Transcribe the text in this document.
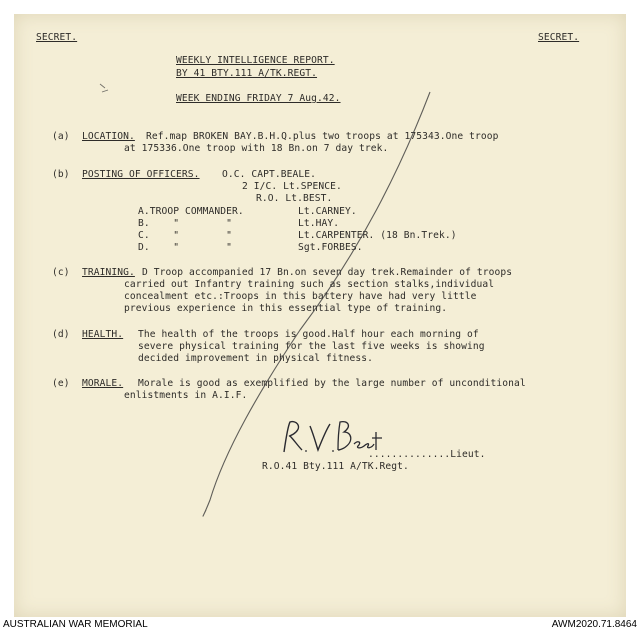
SECRET.	SECRET.
WEEKLY INTELLIGENCE REPORT.
BY 41 BTY.111 A/TK.REGT.
WEEK ENDING FRIDAY 7 Aug.42.
(a) LOCATION. Ref.map BROKEN BAY.B.H.Q.plus two troops at 175343.One troop
at 175336.One troop with 18 Bn.on 7 day trek.
(b) POSTING OF OFFICERS. O.C. CAPT.BEALE.
2 I/C. Lt.SPENCE.
R.O. Lt.BEST.
A.TROOP COMMANDER.	Lt.CARNEY.
B.    "        "	Lt.HAY.
C.    "        "	Lt.CARPENTER. (18 Bn.Trek.)
D.    "        "	Sgt.FORBES.
(c) TRAINING. D Troop accompanied 17 Bn.on seven day trek.Remainder of troops
carried out Infantry training such as section stalks,individual
concealment etc.:Troops in this battery have had very little
previous experience in this essential type of training.
(d) HEALTH. The health of the troops is good.Half hour each morning of
severe physical training for the last five weeks is showing
decided improvement in physical fitness.
(e) MORALE. Morale is good as exemplified by the large number of unconditional
enlistments in A.I.F.
..............Lieut.
R.O.41 Bty.111 A/TK.Regt.
AUSTRALIAN WAR MEMORIAL	AWM2020.71.8464
